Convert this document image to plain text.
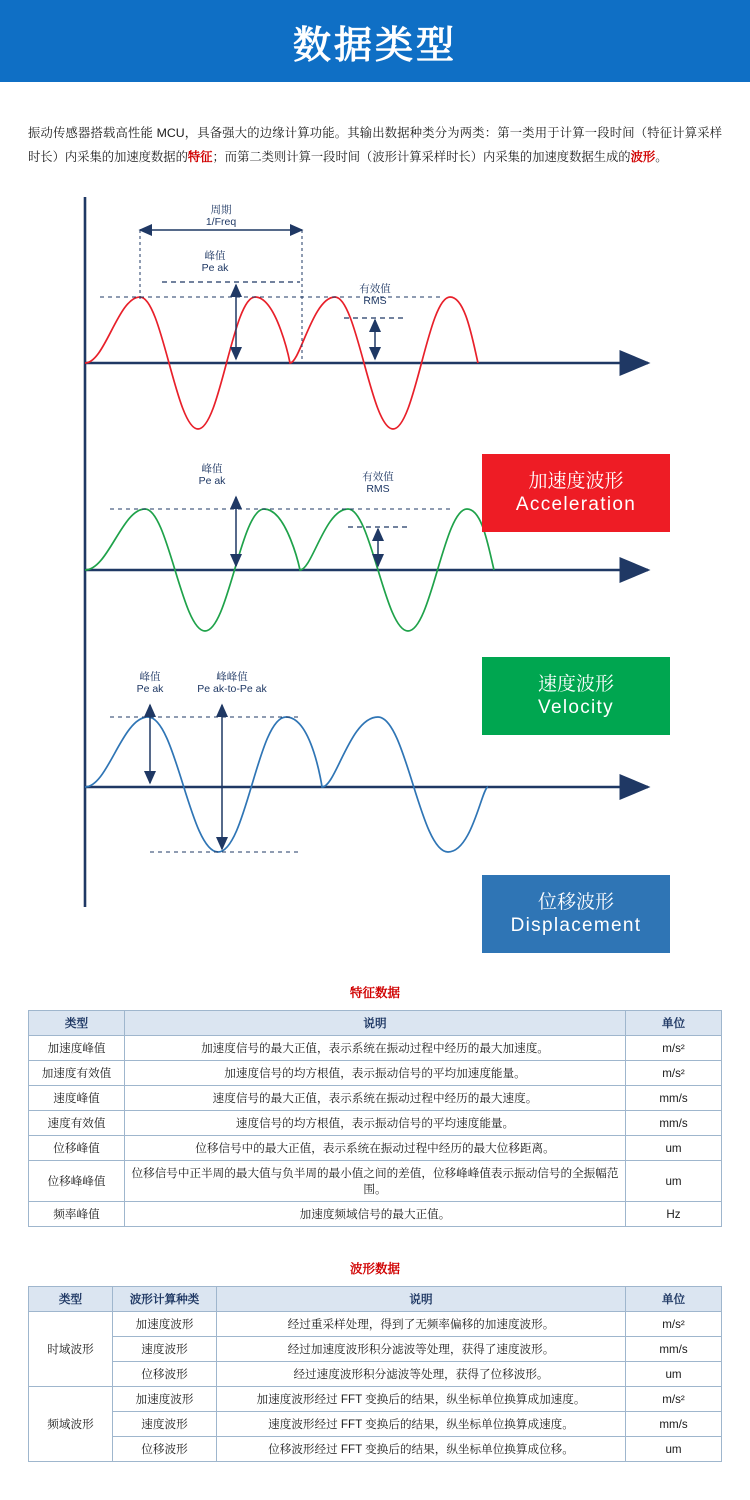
数据类型

振动传感器搭载高性能 MCU，具备强大的边缘计算功能。其输出数据种类分为两类：第一类用于计算一段时间（特征计算采样时长）内采集的加速度数据的特征；而第二类则计算一段时间（波形计算采样时长）内采集的加速度数据生成的波形。

周期
1/Freq
峰值
Pe ak
有效值
RMS
峰值
Pe ak	有效值
RMS
峰值
Pe ak
峰峰值
Pe ak-to-Pe ak
加速度波形
Acceleration
速度波形
Velocity
位移波形
Displacement
特征数据
类型	说明	单位
加速度峰值	加速度信号的最大正值，表示系统在振动过程中经历的最大加速度。	m/s²
加速度有效值	加速度信号的均方根值，表示振动信号的平均加速度能量。	m/s²
速度峰值	速度信号的最大正值，表示系统在振动过程中经历的最大速度。	mm/s
速度有效值	速度信号的均方根值，表示振动信号的平均速度能量。	mm/s
位移峰值	位移信号中的最大正值，表示系统在振动过程中经历的最大位移距离。	um
位移峰峰值	位移信号中正半周的最大值与负半周的最小值之间的差值，位移峰峰值表示振动信号的全振幅范围。	um
频率峰值	加速度频域信号的最大正值。	Hz
波形数据
类型	波形计算种类	说明	单位
时域波形	加速度波形	经过重采样处理，得到了无频率偏移的加速度波形。	m/s²
	速度波形	经过加速度波形积分滤波等处理，获得了速度波形。	mm/s
	位移波形	经过速度波形积分滤波等处理，获得了位移波形。	um
频域波形	加速度波形	加速度波形经过 FFT 变换后的结果，纵坐标单位换算成加速度。	m/s²
	速度波形	速度波形经过 FFT 变换后的结果，纵坐标单位换算成速度。	mm/s
	位移波形	位移波形经过 FFT 变换后的结果，纵坐标单位换算成位移。	um
